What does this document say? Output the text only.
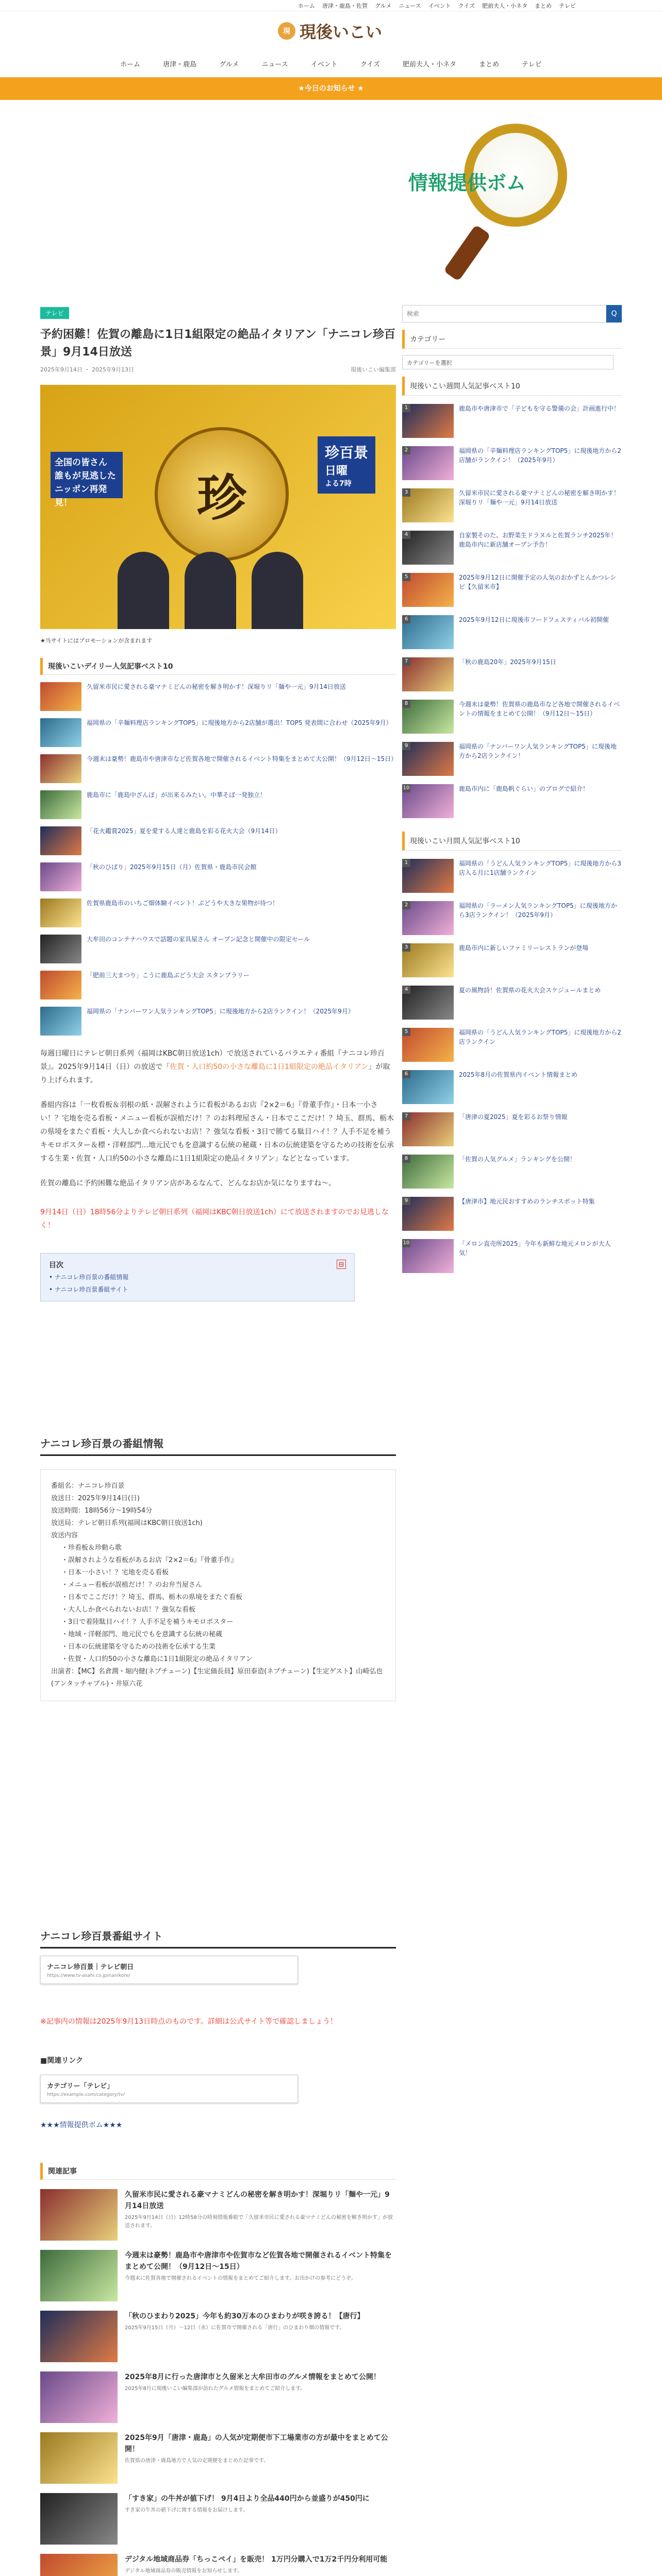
ホーム 唐津・鹿島・佐賀 グルメ ニュース イベント クイズ 肥前夫人・小ネタ まとめ テレビ
現 現後いこい
ホーム	唐津・鹿島	グルメ	ニュース	イベント	クイズ	肥前夫人・小ネタ	まとめ	テレビ
★今日のお知らせ ★
テレビ
予約困難！佐賀の離島に1日1組限定の絶品イタリアン「ナニコレ珍百景」9月14日放送
2025年9月14日 ・ 2025年9月13日	現後いこい編集部
全国の皆さん 誰もが見逃した ニッポン再発見！	珍
珍百景
日曜
よる7時

★当サイトにはプロモーションが含まれます

現後いこいデイリー人気記事ベスト10
久留米市民に愛される豪マナミどんの秘密を解き明かす！深堀りリ「麺や一元」9月14日放送
福岡県の「辛麺料理店ランキングTOP5」に現後地方から2店舗が選出！TOP5 発表間に合わせ（2025年9月）
今週末は豪勢！鹿島市や唐津市など佐賀各地で開催されるイベント特集をまとめて大公開！（9月12日〜15日）
鹿島市に「鹿島中ざんぽ」が出来るみたい。中華そば一発独立！
「花火鑑賞2025」夏を愛する人達と鹿島を彩る花火大会（9月14日）
「秋のひばり」2025年9月15日（月）佐賀県・鹿島市民会館
佐賀県鹿島市のいちご畑体験イベント！ぶどうや大きな果物が待つ！
大牟田のコンテナハウスで話題の家具屋さん オープン記念と開催中の限定セール
「肥前三大まつり」こうに鹿島ぶどう大会 スタンプラリー
福岡県の「ナンバーワン人気ランキングTOP5」に現後地方から2店ランクイン！（2025年9月）

毎週日曜日にテレビ朝日系列（福岡はKBC朝日放送1ch）で放送されているバラエティ番組『ナニコレ珍百景』。2025年9月14日（日）の放送で「佐賀・人口約50の小さな離島に1日1組限定の絶品イタリアン」が取り上げられます。

番組内容は「一枚看板＆羽根の紙・誤解されように看板があるお店『2×2＝6』『骨董手作』・日本一小さい！？宅地を売る看板・メニュー看板が誤植だけ！？のお料理屋さん・日本でここだけ！？埼玉、群馬、栃木の県境をまたぐ看板・大人しか食べられないお店！？強気な看板・3日で勝てる駄目ハイ！？人手不足を補うキモロポスター＆標・洋軽部門…地元民でもを意識する伝統の秘蔵・日本の伝統建築を守るための技術を伝承する生業・佐賀・人口約50の小さな離島に1日1組限定の絶品イタリアン」などとなっています。

佐賀の離島に予約困難な絶品イタリアン店があるなんて、どんなお店か気になりますね～。

9月14日（日）18時56分よりテレビ朝日系列（福岡はKBC朝日放送1ch）にて放送されますのでお見逃しなく！

目次	⊟
• ナニコレ珍百景の番組情報
• ナニコレ珍百景番組サイト
ナニコレ珍百景の番組情報
番組名：ナニコレ珍百景
放送日：2025年9月14日(日)
放送時間：18時56分〜19時54分
放送局：テレビ朝日系列(福岡はKBC朝日放送1ch)
放送内容
・珍看板＆珍動ら歌
・誤解されような看板があるお店『2×2＝6』『骨董手作』
・日本一小さい！？宅地を売る看板
・メニュー看板が誤植だけ！？のお弁当屋さん
・日本でここだけ！？埼玉、群馬、栃木の県境をまたぐ看板
・大人しか食べられないお店！？強気な看板
・3日で着陸駄目ハイ！？人手不足を補うキモロポスター
・地域・洋軽部門、地元民でもを意識する伝統の秘蔵
・日本の伝統建築を守るための技術を伝承する生業
・佐賀・人口約50の小さな離島に1日1組限定の絶品イタリアン
出演者：【MC】名倉潤・堀内健(ネプチューン)【生定価長員】原田泰造(ネプチューン)【生定ゲスト】山崎弘也(アンタッチャブル)・井原六花
ナニコレ珍百景番組サイト
ナニコレ珍百景｜テレビ朝日
https://www.tv-asahi.co.jp/nanikore/

※記事内の情報は2025年9月13日時点のものです。詳細は公式サイト等で確認しましょう！

■関連リンク

カテゴリー「テレビ」
https://example.com/category/tv/

★★★情報提供ボム★★★

関連記事
久留米市民に愛される豪マナミどんの秘密を解き明かす！深堀りリ「麺や一元」9月14日放送
2025年9月14日（日）12時58分の時刻情報番組で「久留米市民に愛される豪マナミどんの秘密を解き明かす」が放送されます。
今週末は豪勢！鹿島市や唐津市や佐賀市など佐賀各地で開催されるイベント特集をまとめて公開！（9月12日〜15日）
今週末に佐賀各地で開催されるイベントの情報をまとめてご紹介します。お出かけの参考にどうぞ。
「秋のひまわり2025」今年も約30万本のひまわりが咲き誇る！【唐行】
2025年9月15日（月）〜12日（水）に佐賀市で開催される「唐行」のひまわり畑の情報です。
2025年8月に行った唐津市と久留米と大牟田市のグルメ情報をまとめて公開！
2025年8月に現後いこい編集部が訪れたグルメ情報をまとめてご紹介します。
2025年9月「唐津・鹿島」の人気が定期便市下工場業市の方が最中をまとめて公開！
佐賀県の唐津・鹿島地方で人気の定期便をまとめた記事です。
「すき家」の牛丼が値下げ！ 9月4日より全品440円から並盛りが450円に
すき家の牛丼の値下げに関する情報をお届けします。
デジタル地域商品券「ちっこペイ」を販売！ 1万円分購入で1万2千円分利用可能
デジタル地域商品券の販売情報をお知らせします。
情報提供ボム
検索
Q
カテゴリー
カテゴリーを選択
現後いこい週間人気記事ベスト10
1	鹿島市や唐津市で「子どもを守る警備の会」計画進行中！
2	福岡県の「辛麺料理店ランキングTOP5」に現後地方から2店舗がランクイン！（2025年9月）
3	久留米市民に愛される豪マナミどんの秘密を解き明かす！深堀りリ「麺や一元」9月14日放送
4	自家製そのた、お野菜生ドラヌルと佐賀ランチ2025年！ 鹿島市内に新店舗オープン予告！
5	2025年9月12日に開催予定の人気のおかずとんかつレシピ【久留米市】
6	2025年9月12日に現後市フードフェスティバル初開催
7	「秋の鹿島20年」2025年9月15日
8	今週末は豪勢！佐賀県の鹿島市など各地で開催されるイベントの情報をまとめて公開！（9月12日〜15日）
9	福岡県の「ナンバーワン人気ランキングTOP5」に現後地方から2店ランクイン！
10	鹿島市内に「鹿島帆ぐらい」のブログで紹介！
現後いこい月間人気記事ベスト10
1	福岡県の「うどん人気ランキングTOP5」に現後地方から3店入る月に1店舗ランクイン
2	福岡県の「ラーメン人気ランキングTOP5」に現後地方から3店ランクイン！（2025年9月）
3	鹿島市内に新しいファミリーレストランが登場
4	夏の風物詩！佐賀県の花火大会スケジュールまとめ
5	福岡県の「うどん人気ランキングTOP5」に現後地方から2店ランクイン
6	2025年8月の佐賀県内イベント情報まとめ
7	「唐津の夏2025」夏を彩るお祭り情報
8	「佐賀の人気グルメ」ランキングを公開！
9	【唐津市】地元民おすすめのランチスポット特集
10	「メロン直売所2025」今年も新鮮な地元メロンが大人気！
